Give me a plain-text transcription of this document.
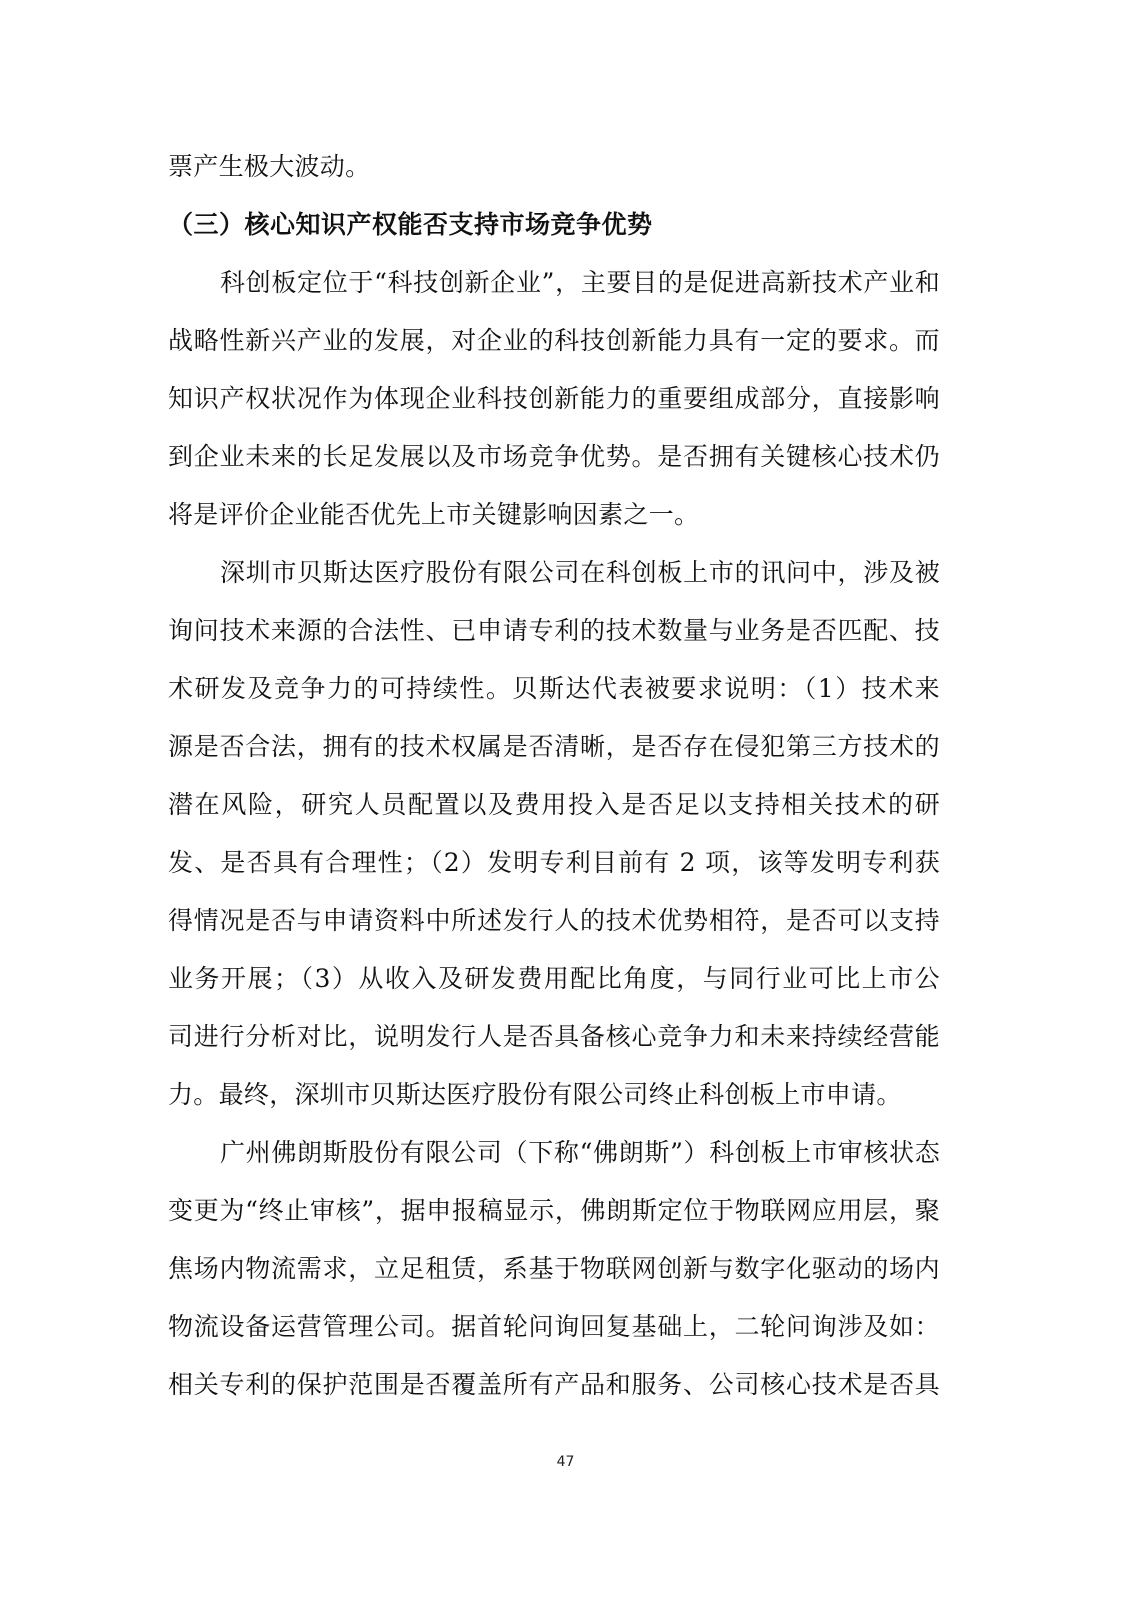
票产生极大波动。
（三）核心知识产权能否支持市场竞争优势
科创板定位于“科技创新企业”，主要目的是促进高新技术产业和
战略性新兴产业的发展，对企业的科技创新能力具有一定的要求。而
知识产权状况作为体现企业科技创新能力的重要组成部分，直接影响
到企业未来的长足发展以及市场竞争优势。是否拥有关键核心技术仍
将是评价企业能否优先上市关键影响因素之一。
深圳市贝斯达医疗股份有限公司在科创板上市的讯问中，涉及被
询问技术来源的合法性、已申请专利的技术数量与业务是否匹配、技
术研发及竞争力的可持续性。贝斯达代表被要求说明：（1）技术来
源是否合法，拥有的技术权属是否清晰，是否存在侵犯第三方技术的
潜在风险，研究人员配置以及费用投入是否足以支持相关技术的研
发、是否具有合理性；（2）发明专利目前有 2 项，该等发明专利获
得情况是否与申请资料中所述发行人的技术优势相符，是否可以支持
业务开展；（3）从收入及研发费用配比角度，与同行业可比上市公
司进行分析对比，说明发行人是否具备核心竞争力和未来持续经营能
力。最终，深圳市贝斯达医疗股份有限公司终止科创板上市申请。
广州佛朗斯股份有限公司（下称“佛朗斯”）科创板上市审核状态
变更为“终止审核”，据申报稿显示，佛朗斯定位于物联网应用层，聚
焦场内物流需求，立足租赁，系基于物联网创新与数字化驱动的场内
物流设备运营管理公司。据首轮问询回复基础上，二轮问询涉及如：
相关专利的保护范围是否覆盖所有产品和服务、公司核心技术是否具
47
